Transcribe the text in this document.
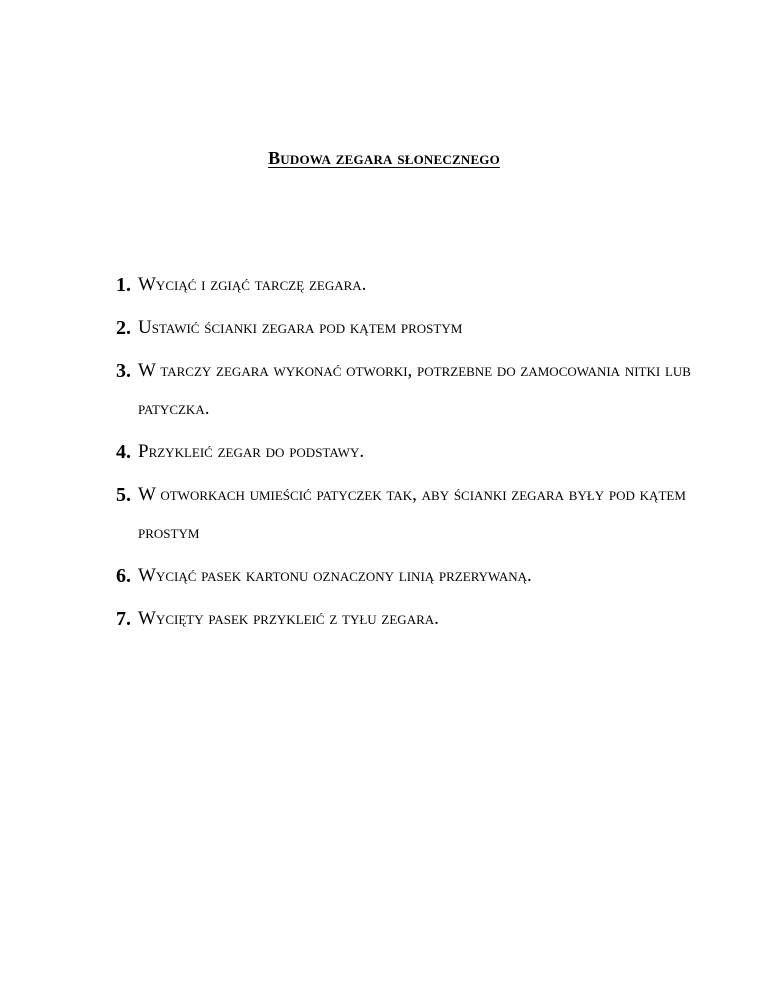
Budowa zegara słonecznego
1. Wyciąć i zgiąć tarczę zegara.
2. Ustawić ścianki zegara pod kątem prostym
3. W tarczy zegara wykonać otworki, potrzebne do zamocowania nitki lub patyczka.
4. Przykleić zegar do podstawy.
5. W otworkach umieścić patyczek tak, aby ścianki zegara były pod kątem prostym
6. Wyciąć pasek kartonu oznaczony linią przerywaną.
7. Wycięty pasek przykleić z tyłu zegara.
